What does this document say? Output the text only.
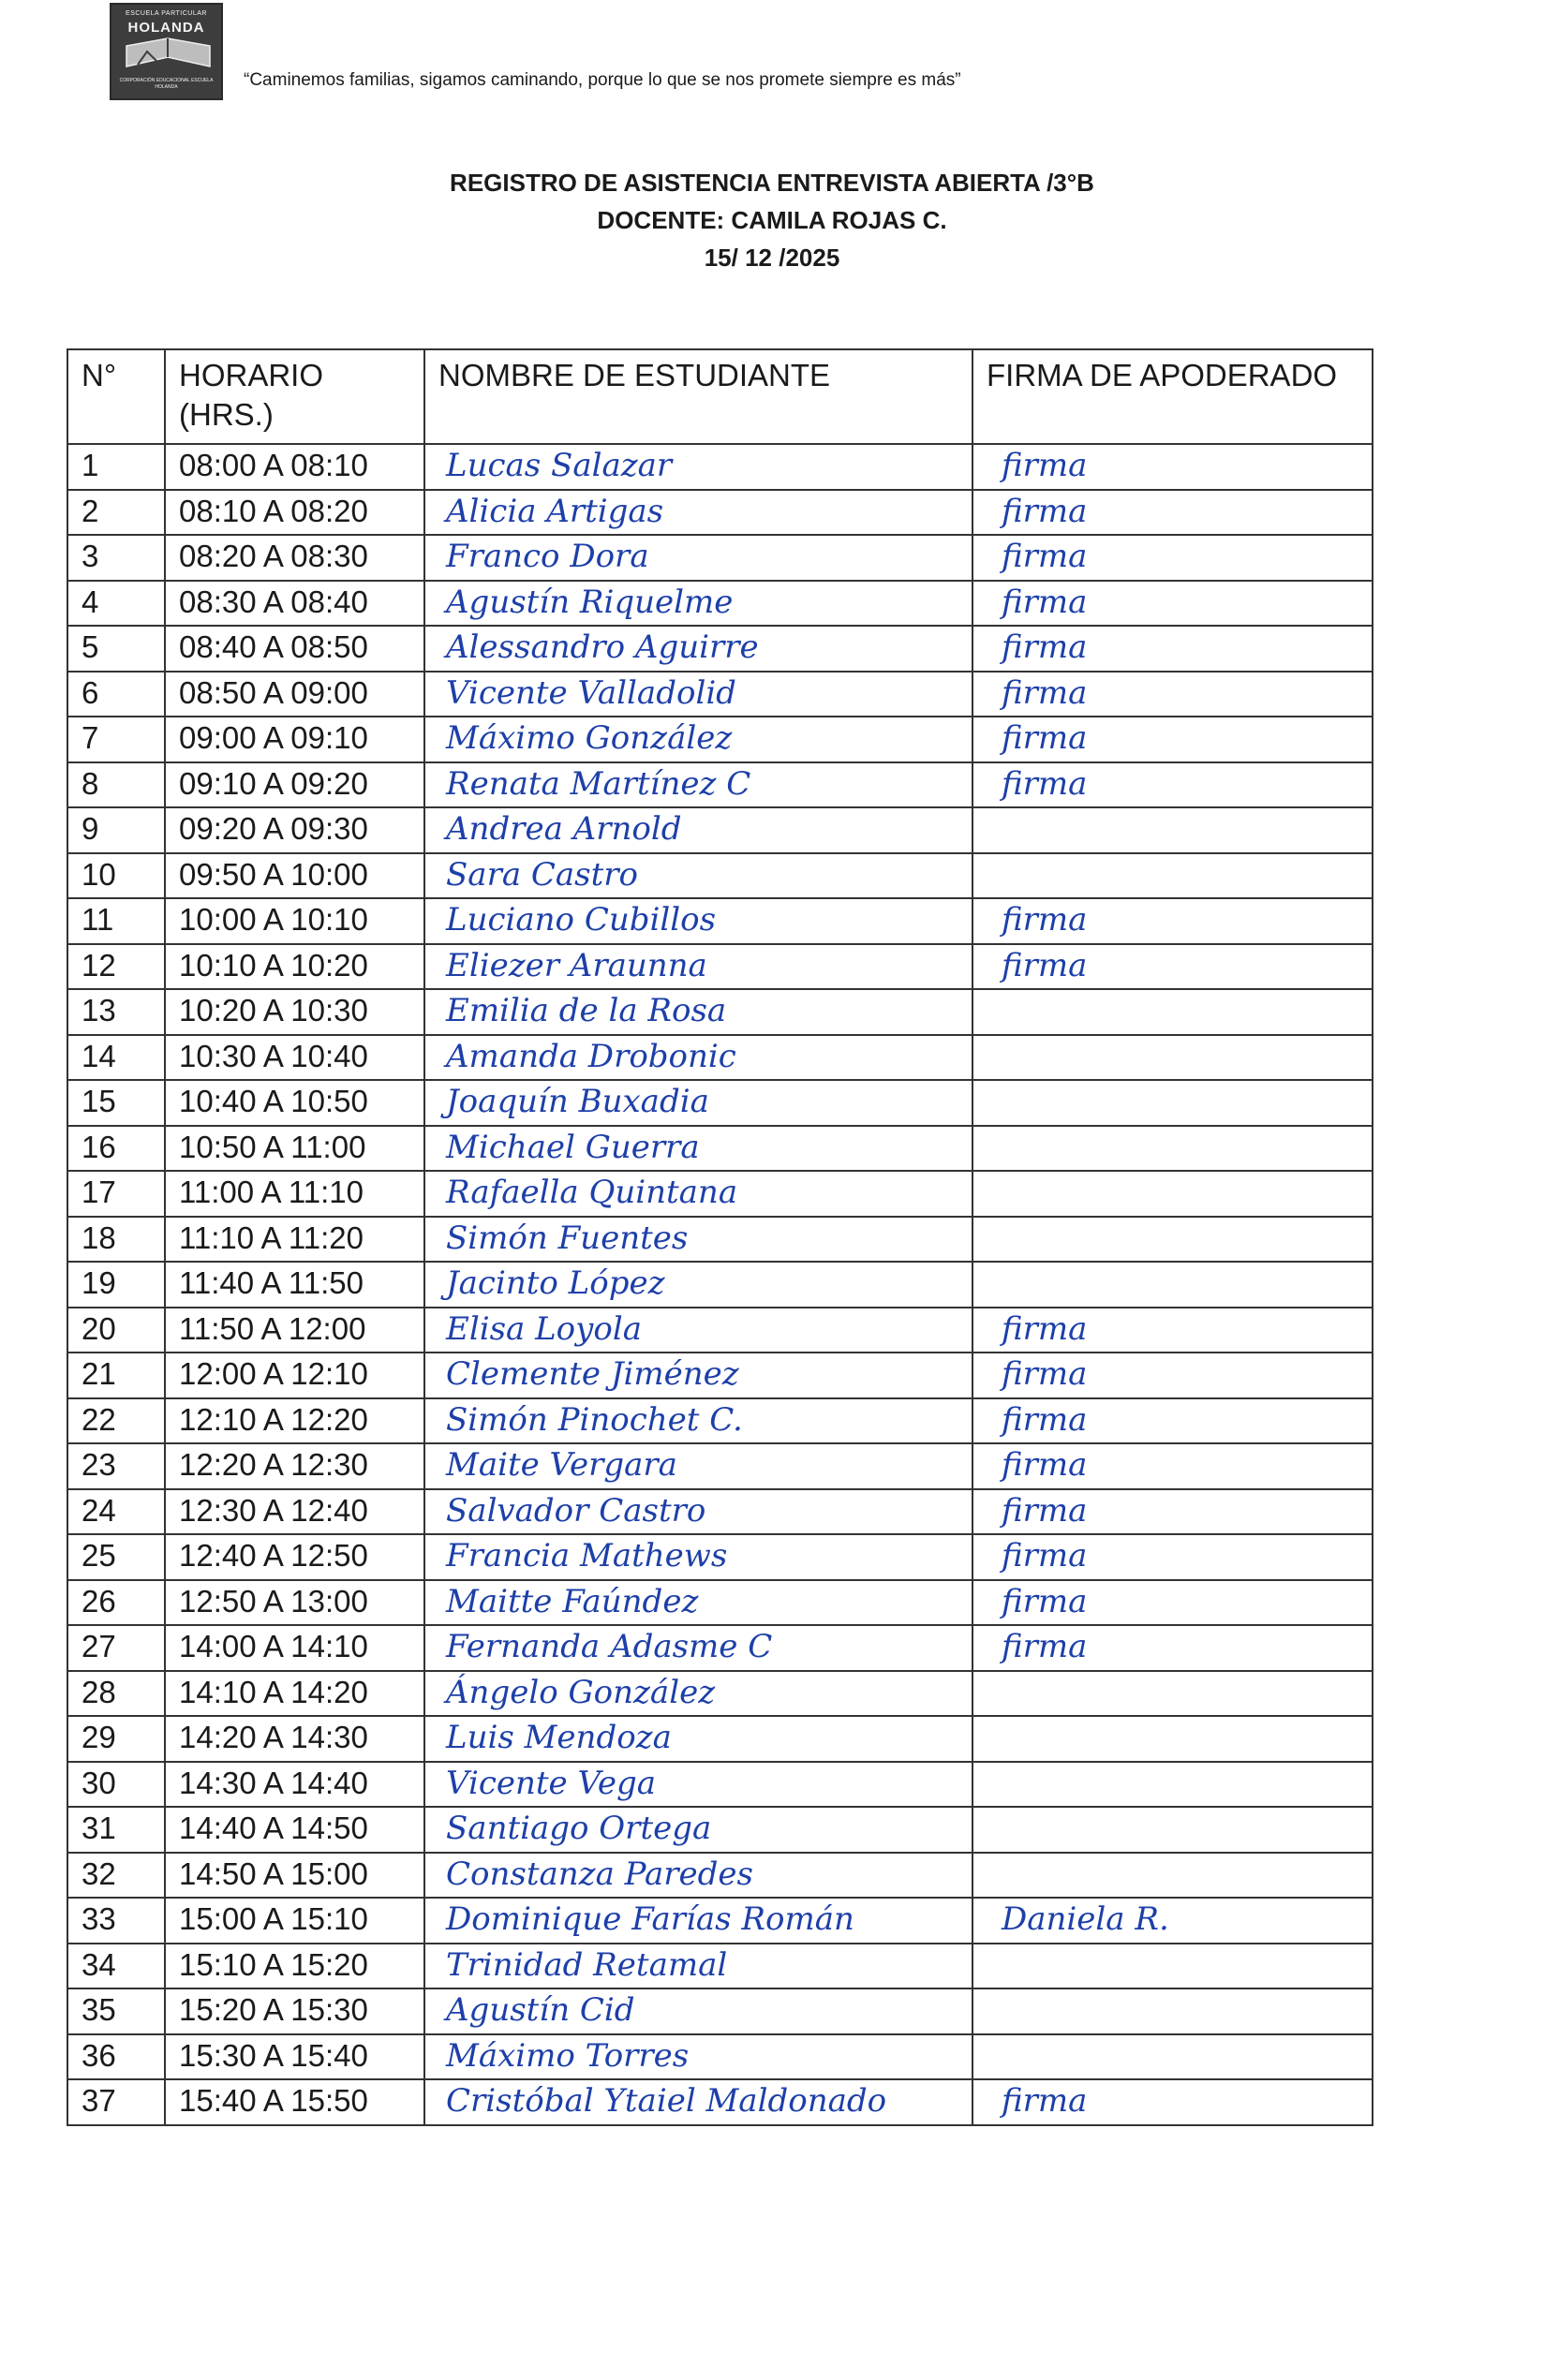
ESCUELA PARTICULAR
HOLANDA
CORPORACIÓN EDUCACIONAL ESCUELA HOLANDA	“Caminemos familias, sigamos caminando, porque lo que se nos promete siempre es más”
REGISTRO DE ASISTENCIA ENTREVISTA ABIERTA /3°B
DOCENTE: CAMILA ROJAS C.
15/ 12 /2025
N°	HORARIO (HRS.)	NOMBRE DE ESTUDIANTE	FIRMA DE APODERADO
1	08:00 A 08:10	Lucas Salazar	firma
2	08:10 A 08:20	Alicia Artigas	firma
3	08:20 A 08:30	Franco Dora	firma
4	08:30 A 08:40	Agustín Riquelme	firma
5	08:40 A 08:50	Alessandro Aguirre	firma
6	08:50 A 09:00	Vicente Valladolid	firma
7	09:00 A 09:10	Máximo González	firma
8	09:10 A 09:20	Renata Martínez C	firma
9	09:20 A 09:30	Andrea Arnold	
10	09:50 A 10:00	Sara Castro	
11	10:00 A 10:10	Luciano Cubillos	firma
12	10:10 A 10:20	Eliezer Araunna	firma
13	10:20 A 10:30	Emilia de la Rosa	
14	10:30 A 10:40	Amanda Drobonic	
15	10:40 A 10:50	Joaquín Buxadia	
16	10:50 A 11:00	Michael Guerra	
17	11:00 A 11:10	Rafaella Quintana	
18	11:10 A 11:20	Simón Fuentes	
19	11:40 A 11:50	Jacinto López	
20	11:50 A 12:00	Elisa Loyola	firma
21	12:00 A 12:10	Clemente Jiménez	firma
22	12:10 A 12:20	Simón Pinochet C.	firma
23	12:20 A 12:30	Maite Vergara	firma
24	12:30 A 12:40	Salvador Castro	firma
25	12:40 A 12:50	Francia Mathews	firma
26	12:50 A 13:00	Maitte Faúndez	firma
27	14:00 A 14:10	Fernanda Adasme C	firma
28	14:10 A 14:20	Ángelo González	
29	14:20 A 14:30	Luis Mendoza	
30	14:30 A 14:40	Vicente Vega	
31	14:40 A 14:50	Santiago Ortega	
32	14:50 A 15:00	Constanza Paredes	
33	15:00 A 15:10	Dominique Farías Román	Daniela R.
34	15:10 A 15:20	Trinidad Retamal	
35	15:20 A 15:30	Agustín Cid	
36	15:30 A 15:40	Máximo Torres	
37	15:40 A 15:50	Cristóbal Ytaiel Maldonado	firma
